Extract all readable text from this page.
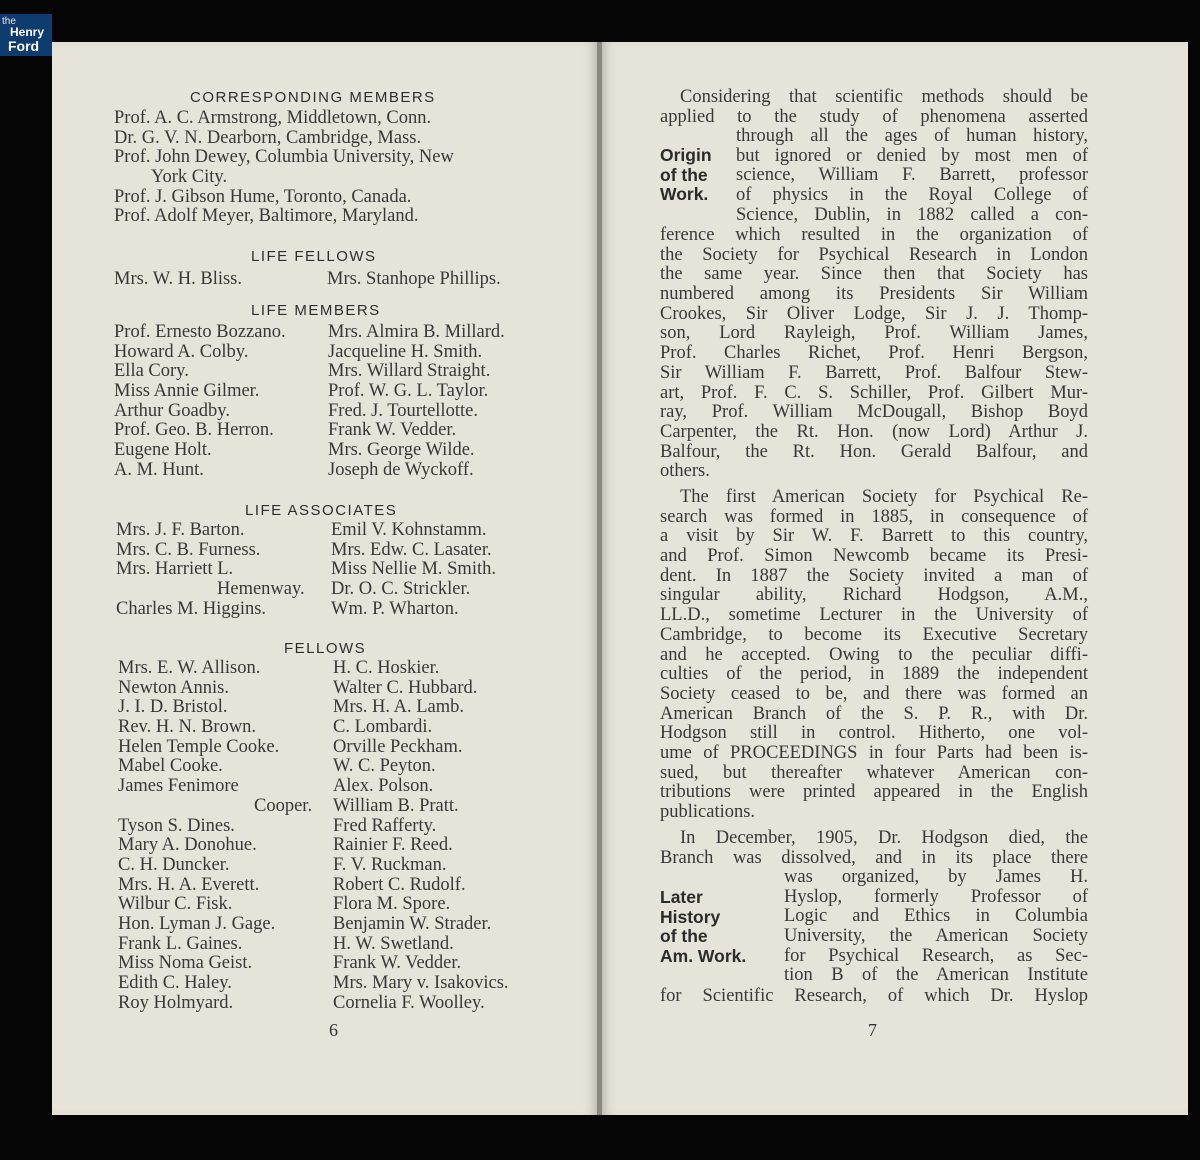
the
Henry
Ford
CORRESPONDING MEMBERS
Prof. A. C. Armstrong, Middletown, Conn.
Dr. G. V. N. Dearborn, Cambridge, Mass.
Prof. John Dewey, Columbia University, New
York City.
Prof. J. Gibson Hume, Toronto, Canada.
Prof. Adolf Meyer, Baltimore, Maryland.
LIFE FELLOWS
Mrs. W. H. Bliss.	Mrs. Stanhope Phillips.
LIFE MEMBERS
Prof. Ernesto Bozzano.
Howard A. Colby.
Ella Cory.
Miss Annie Gilmer.
Arthur Goadby.
Prof. Geo. B. Herron.
Eugene Holt.
A. M. Hunt.
Mrs. Almira B. Millard.
Jacqueline H. Smith.
Mrs. Willard Straight.
Prof. W. G. L. Taylor.
Fred. J. Tourtellotte.
Frank W. Vedder.
Mrs. George Wilde.
Joseph de Wyckoff.
LIFE ASSOCIATES
Mrs. J. F. Barton.
Mrs. C. B. Furness.
Mrs. Harriett L.
Hemenway.
Charles M. Higgins.
Emil V. Kohnstamm.
Mrs. Edw. C. Lasater.
Miss Nellie M. Smith.
Dr. O. C. Strickler.
Wm. P. Wharton.
FELLOWS
Mrs. E. W. Allison.
Newton Annis.
J. I. D. Bristol.
Rev. H. N. Brown.
Helen Temple Cooke.
Mabel Cooke.
James Fenimore
Cooper.
Tyson S. Dines.
Mary A. Donohue.
C. H. Duncker.
Mrs. H. A. Everett.
Wilbur C. Fisk.
Hon. Lyman J. Gage.
Frank L. Gaines.
Miss Noma Geist.
Edith C. Haley.
Roy Holmyard.
H. C. Hoskier.
Walter C. Hubbard.
Mrs. H. A. Lamb.
C. Lombardi.
Orville Peckham.
W. C. Peyton.
Alex. Polson.
William B. Pratt.
Fred Rafferty.
Rainier F. Reed.
F. V. Ruckman.
Robert C. Rudolf.
Flora M. Spore.
Benjamin W. Strader.
H. W. Swetland.
Frank W. Vedder.
Mrs. Mary v. Isakovics.
Cornelia F. Woolley.
6
Considering that scientific methods should be
applied to the study of phenomena asserted
Origin
of the
Work.
through all the ages of human history,
but ignored or denied by most men of
science, William F. Barrett, professor
of physics in the Royal College of
Science, Dublin, in 1882 called a con-
ference which resulted in the organization of
the Society for Psychical Research in London
the same year. Since then that Society has
numbered among its Presidents Sir William
Crookes, Sir Oliver Lodge, Sir J. J. Thomp-
son, Lord Rayleigh, Prof. William James,
Prof. Charles Richet, Prof. Henri Bergson,
Sir William F. Barrett, Prof. Balfour Stew-
art, Prof. F. C. S. Schiller, Prof. Gilbert Mur-
ray, Prof. William McDougall, Bishop Boyd
Carpenter, the Rt. Hon. (now Lord) Arthur J.
Balfour, the Rt. Hon. Gerald Balfour, and
others.
The first American Society for Psychical Re-
search was formed in 1885, in consequence of
a visit by Sir W. F. Barrett to this country,
and Prof. Simon Newcomb became its Presi-
dent. In 1887 the Society invited a man of
singular ability, Richard Hodgson, A.M.,
LL.D., sometime Lecturer in the University of
Cambridge, to become its Executive Secretary
and he accepted. Owing to the peculiar diffi-
culties of the period, in 1889 the independent
Society ceased to be, and there was formed an
American Branch of the S. P. R., with Dr.
Hodgson still in control. Hitherto, one vol-
ume of PROCEEDINGS in four Parts had been is-
sued, but thereafter whatever American con-
tributions were printed appeared in the English
publications.
In December, 1905, Dr. Hodgson died, the
Branch was dissolved, and in its place there
Later
History
of the
Am. Work.
was organized, by James H.
Hyslop, formerly Professor of
Logic and Ethics in Columbia
University, the American Society
for Psychical Research, as Sec-
tion B of the American Institute
for Scientific Research, of which Dr. Hyslop
7
